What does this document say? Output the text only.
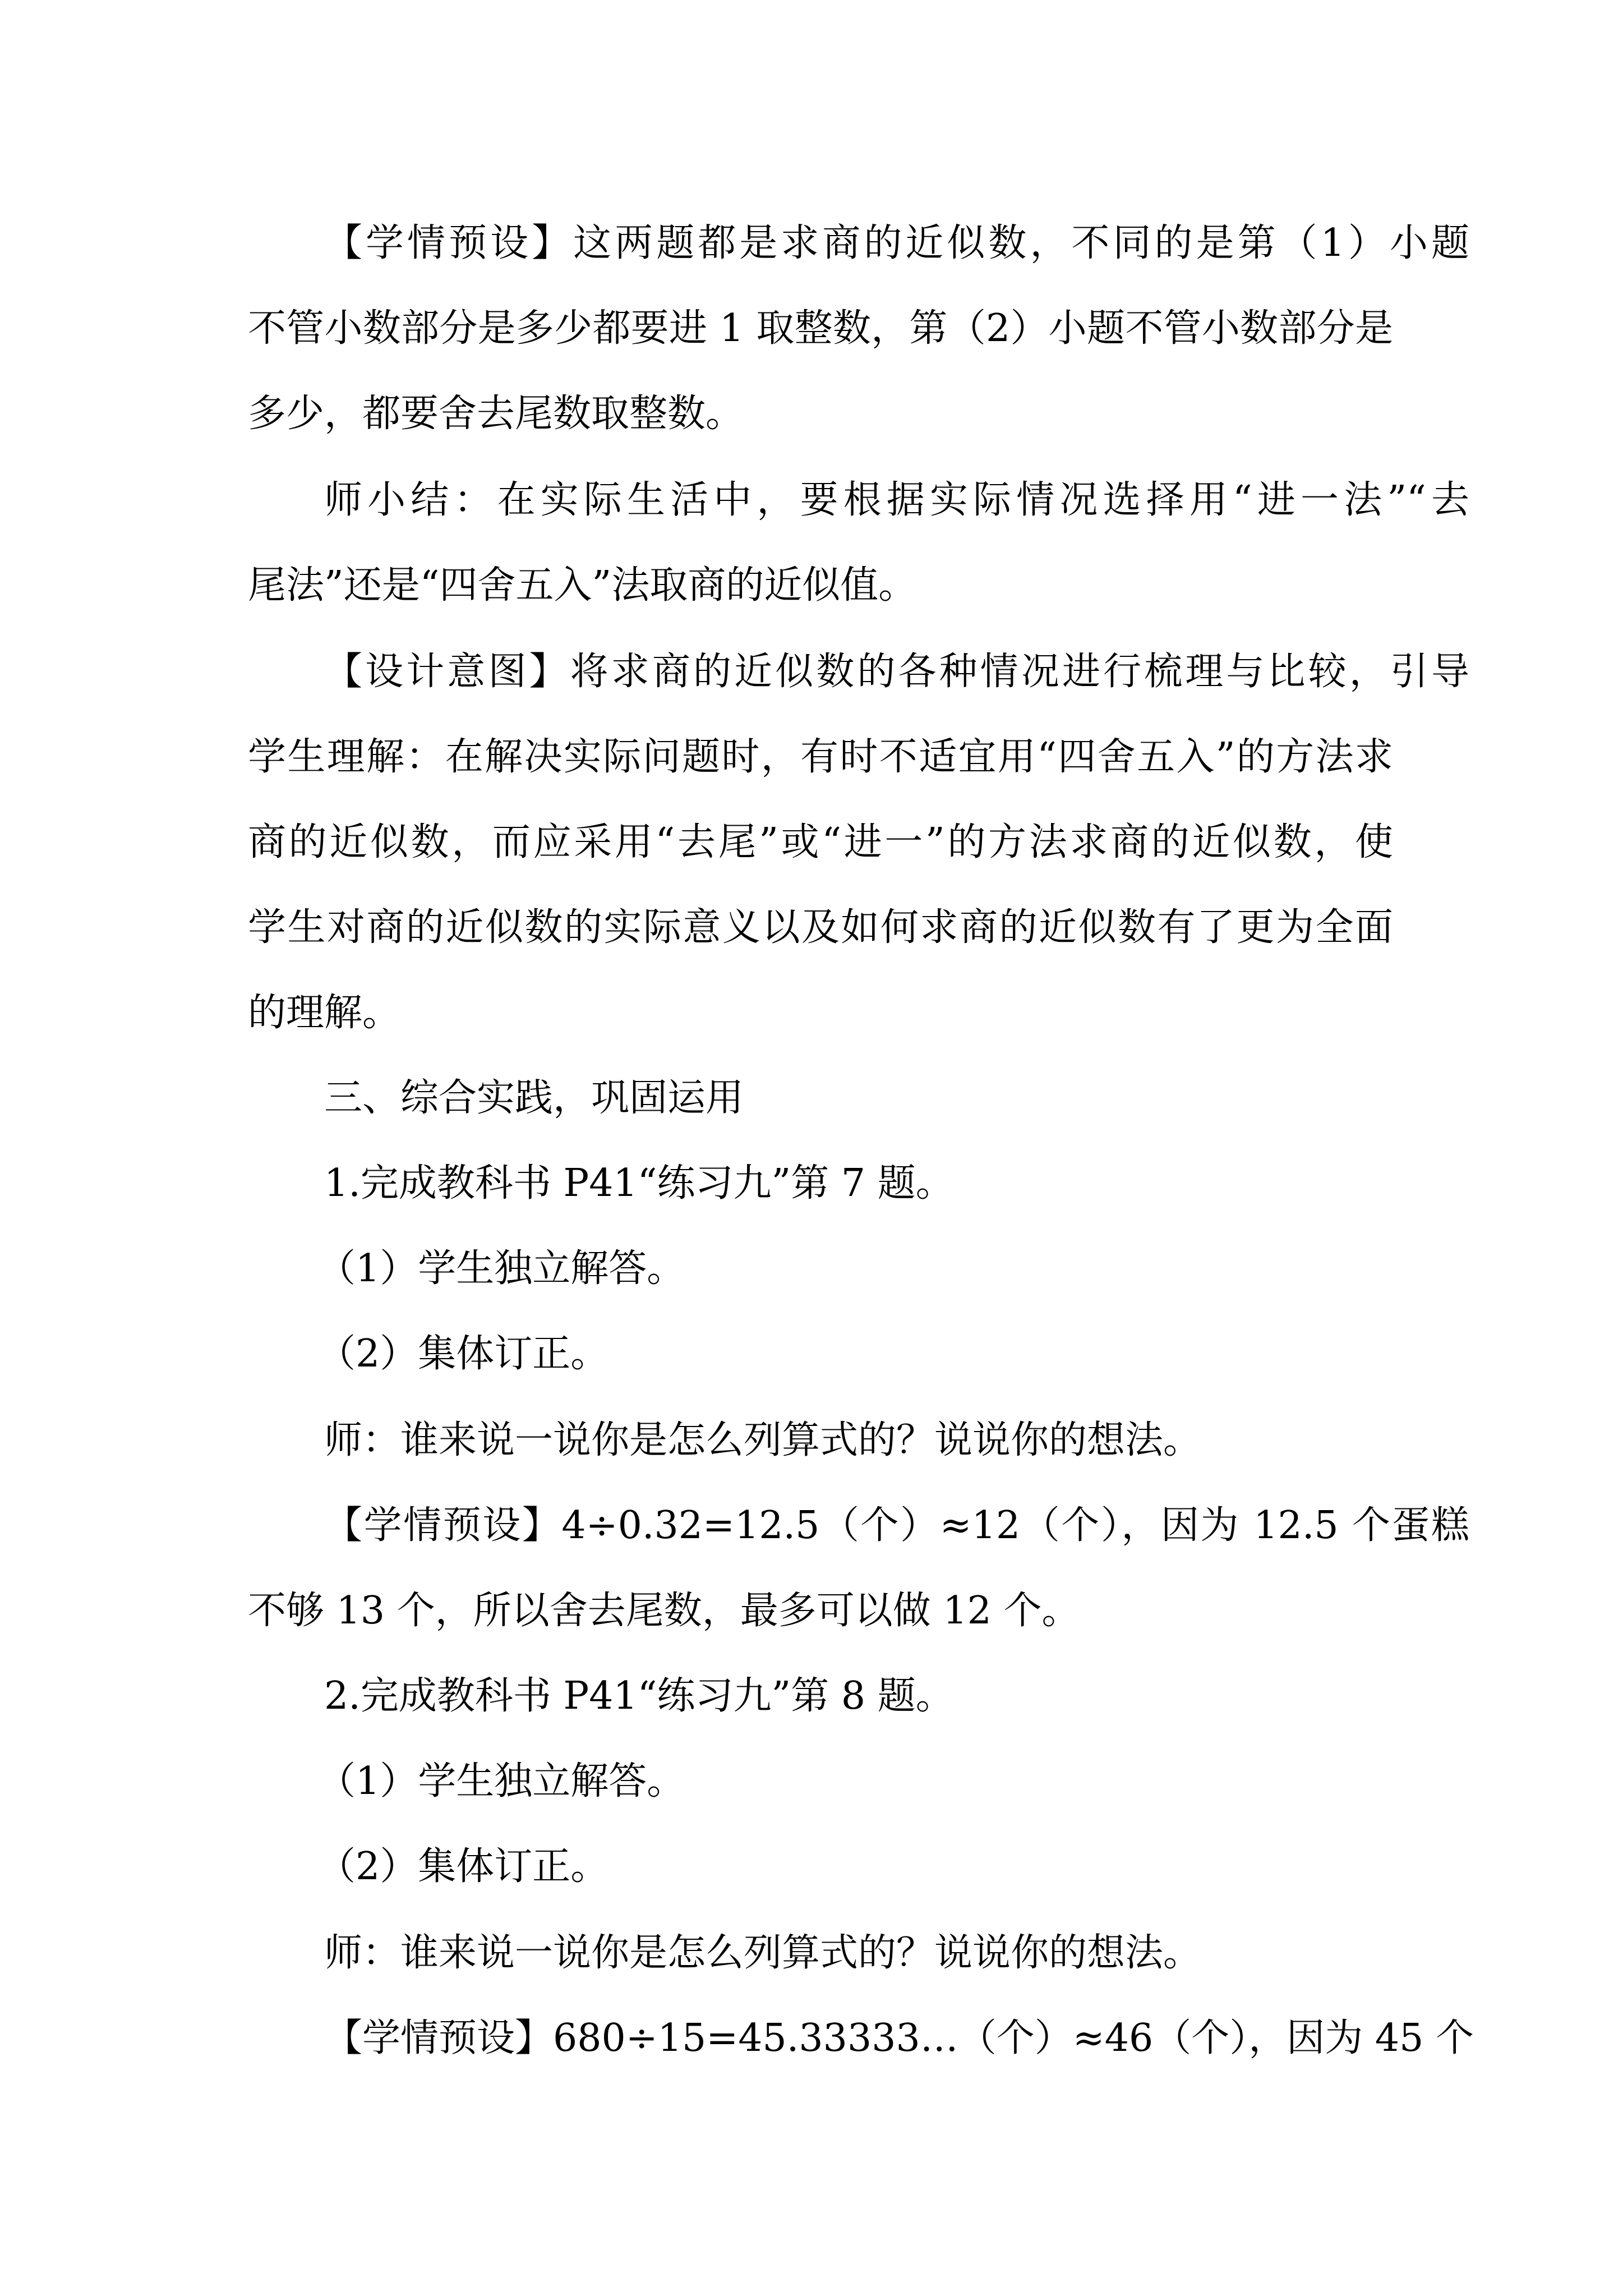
【学情预设】这两题都是求商的近似数，不同的是第（1）小题
不管小数部分是多少都要进 1 取整数，第（2）小题不管小数部分是
多少，都要舍去尾数取整数。
师小结：在实际生活中，要根据实际情况选择用“进一法”“去
尾法”还是“四舍五入”法取商的近似值。
【设计意图】将求商的近似数的各种情况进行梳理与比较，引导
学生理解：在解决实际问题时，有时不适宜用“四舍五入”的方法求
商的近似数，而应采用“去尾”或“进一”的方法求商的近似数，使
学生对商的近似数的实际意义以及如何求商的近似数有了更为全面
的理解。
三、综合实践，巩固运用
1.完成教科书 P41“练习九”第 7 题。
（1）学生独立解答。
（2）集体订正。
师：谁来说一说你是怎么列算式的？说说你的想法。
【学情预设】4÷0.32=12.5（个）≈12（个），因为 12.5 个蛋糕
不够 13 个，所以舍去尾数，最多可以做 12 个。
2.完成教科书 P41“练习九”第 8 题。
（1）学生独立解答。
（2）集体订正。
师：谁来说一说你是怎么列算式的？说说你的想法。
【学情预设】680÷15=45.33333…（个）≈46（个），因为 45 个
